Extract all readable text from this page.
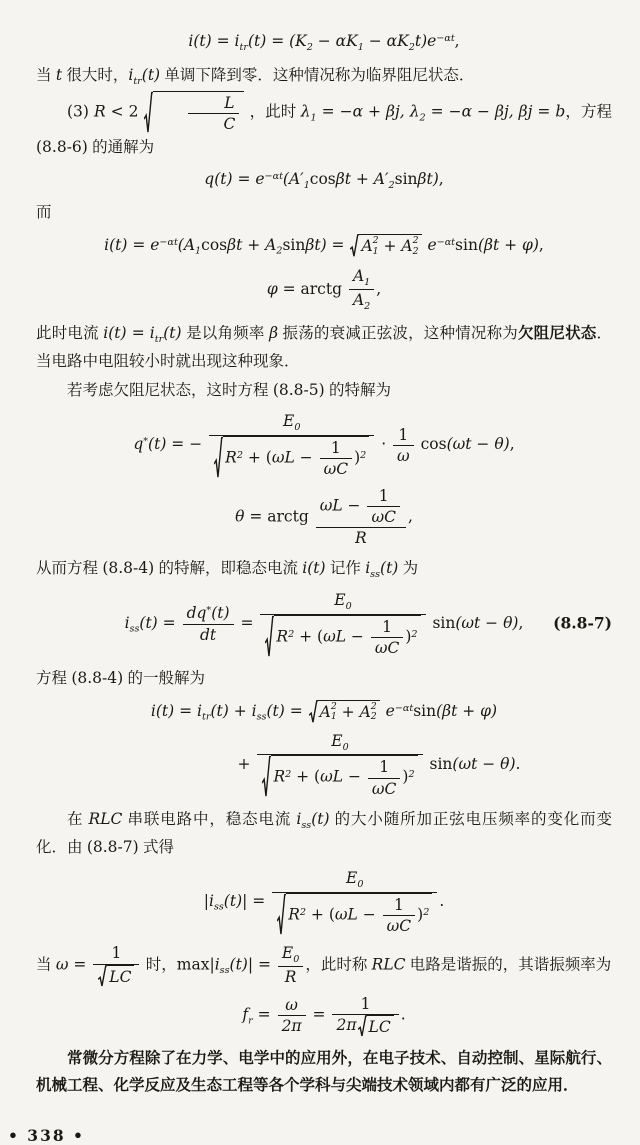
$i(t) = i_{tr}(t) = (K_2 - \alpha K_1 - \alpha K_2t)e^{-\alpha t}$,
当 t 很大时，$i_{tr}(t)$ 单调下降到零．这种情况称为临界阻尼状态．
(3) R < 2	$\frac{L}{C}$ ，此时 $\lambda_1 = -\alpha + \beta j$, $\lambda_2 = -\alpha - \beta j$, βj = b，方程 (8.8-6) 的通解为
$q(t) = e^{-\alpha t}(A'_1\cos\beta t + A'_2\sin\beta t)$,
而
$i(t) = e^{-\alpha t}(A_1\cos\beta t + A_2\sin\beta t) = A$ 2
1 + A 2
2 $e^{-\alpha t}\sin(\beta t + \varphi)$,
φ = arctg $\frac{A_1}{A_2}$ ,
此时电流 $i(t) = i_{tr}(t)$ 是以角频率 β 振荡的衰减正弦波，这种情况称为欠阻尼状态．当电路中电阻较小时就出现这种现象．
若考虑欠阻尼状态，这时方程 (8.8-5) 的特解为
q*(t) = − $\frac{E_0}{R^2 + (\omega L - \frac{1}{\omega C} )^2} \cdot \frac{1}{\omega} \cos(\omega t - \theta)$,
θ = arctg $\frac{\omega L - \frac{1}{\omega C}}{R}$ ,
从而方程 (8.8-4) 的特解，即稳态电流 i(t) 记作 $i_{ss}(t)$ 为
$i_{ss}(t) = \frac{dq^*(t)}{dt} = \frac{E_0}{R^2 + (\omega L - \frac{1}{\omega C} )^2} \sin(\omega t - \theta)$, (8.8-7)
方程 (8.8-4) 的一般解为
$i(t) = i_{tr}(t) + i_{ss}(t) = A$ 2
1 + A 2
2 $e^{-\alpha t}\sin(\beta t + \varphi)$
+ $\frac{E_0}{R^2 + (\omega L - \frac{1}{\omega C} )^2} \sin(\omega t - \theta)$.
在 RLC 串联电路中，稳态电流 $i_{ss}(t)$ 的大小随所加正弦电压频率的变化而变化．由 (8.8-7) 式得
$|i_{ss}(t)| = \frac{E_0}{R^2 + (\omega L - \frac{1}{\omega C} )^2}$ .
当 $\omega = \frac{1}{LC}$ 时，$\max|i_{ss}(t)| = \frac{E_0}{R}$ ，此时称 RLC 电路是谐振的，其谐振频率为
$f_r = \frac{\omega}{2\pi} = \frac{1}{\text{2π LC}}$ .
常微分方程除了在力学、电学中的应用外，在电子技术、自动控制、星际航行、机械工程、化学反应及生态工程等各个学科与尖端技术领域内都有广泛的应用．
• 338 •
